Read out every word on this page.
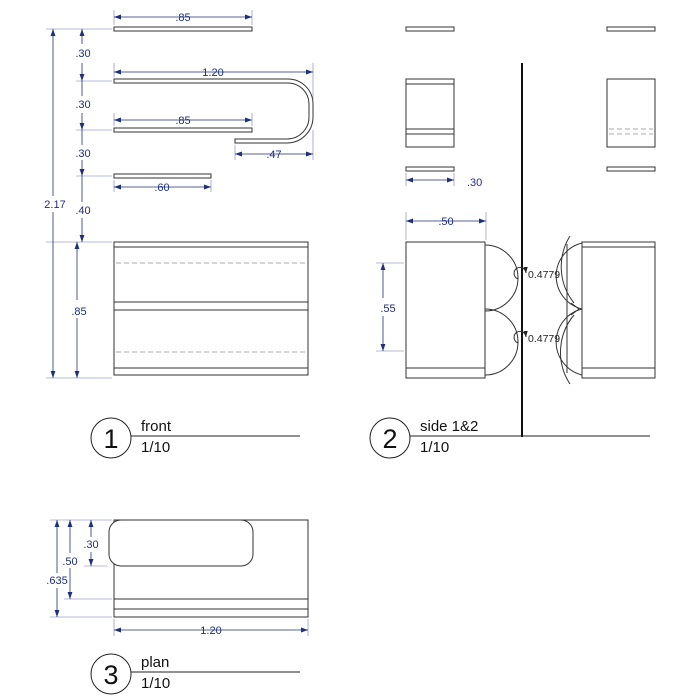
.85
1.20
.85
.47
.60
.30
.30
.30
.40
.85
2.17
1 front
1/10
.30
.50
.55
0.4779
0.4779
2 side 1&2
1/10
.30
.50
.635
1.20
3 plan
1/10
